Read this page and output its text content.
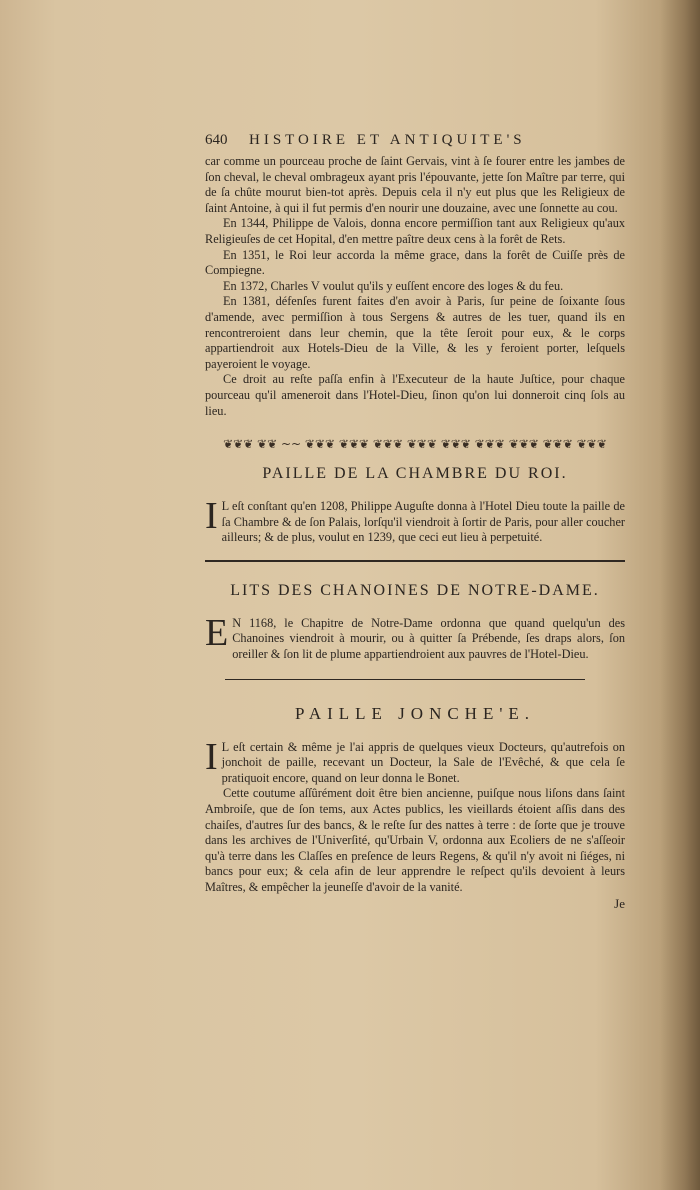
640 HISTOIRE ET ANTIQUITE'S

car comme un pourceau proche de ſaint Gervais, vint à ſe fourer entre les jambes de ſon cheval, le cheval ombrageux ayant pris l'épouvante, jette ſon Maître par terre, qui de ſa chûte mourut bien-tot après. Depuis cela il n'y eut plus que les Religieux de ſaint Antoine, à qui il fut permis d'en nourir une douzaine, avec une ſonnette au cou.

En 1344, Philippe de Valois, donna encore permiſſion tant aux Religieux qu'aux Religieuſes de cet Hopital, d'en mettre paître deux cens à la forêt de Rets.

En 1351, le Roi leur accorda la même grace, dans la forêt de Cuiſſe près de Compiegne.

En 1372, Charles V voulut qu'ils y euſſent encore des loges & du feu.

En 1381, défenſes furent faites d'en avoir à Paris, ſur peine de ſoixante ſous d'amende, avec permiſſion à tous Sergens & autres de les tuer, quand ils en rencontreroient dans leur chemin, que la tête ſeroit pour eux, & le corps appartiendroit aux Hotels-Dieu de la Ville, & les y feroient porter, leſquels payeroient le voyage.

Ce droit au reſte paſſa enfin à l'Executeur de la haute Juſtice, pour chaque pourceau qu'il ameneroit dans l'Hotel-Dieu, ſinon qu'on lui donneroit cinq ſols au lieu.

❦❦❦ ❦❦ ~~ ❦❦❦ ❦❦❦ ❦❦❦ ❦❦❦ ❦❦❦ ❦❦❦ ❦❦❦ ❦❦❦ ❦❦❦
PAILLE DE LA CHAMBRE DU ROI.
I L eſt conſtant qu'en 1208, Philippe Auguſte donna à l'Hotel Dieu toute la paille de ſa Chambre & de ſon Palais, lorſqu'il viendroit à ſortir de Paris, pour aller coucher ailleurs; & de plus, voulut en 1239, que ceci eut lieu à perpetuité.

LITS DES CHANOINES DE NOTRE-DAME.
E N 1168, le Chapitre de Notre-Dame ordonna que quand quelqu'un des Chanoines viendroit à mourir, ou à quitter ſa Prébende, ſes draps alors, ſon oreiller & ſon lit de plume appartiendroient aux pauvres de l'Hotel-Dieu.

PAILLE JONCHE'E.
I L eſt certain & même je l'ai appris de quelques vieux Docteurs, qu'autrefois on jonchoit de paille, recevant un Docteur, la Sale de l'Evêché, & que cela ſe pratiquoit encore, quand on leur donna le Bonet.

Cette coutume aſſûrément doit être bien ancienne, puiſque nous liſons dans ſaint Ambroiſe, que de ſon tems, aux Actes publics, les vieillards étoient aſſis dans des chaiſes, d'autres ſur des bancs, & le reſte ſur des nattes à terre : de ſorte que je trouve dans les archives de l'Univerſité, qu'Urbain V, ordonna aux Ecoliers de ne s'aſſeoir qu'à terre dans les Claſſes en preſence de leurs Regens, & qu'il n'y avoit ni ſiéges, ni bancs pour eux; & cela afin de leur apprendre le reſpect qu'ils devoient à leurs Maîtres, & empêcher la jeuneſſe d'avoir de la vanité.

Je
